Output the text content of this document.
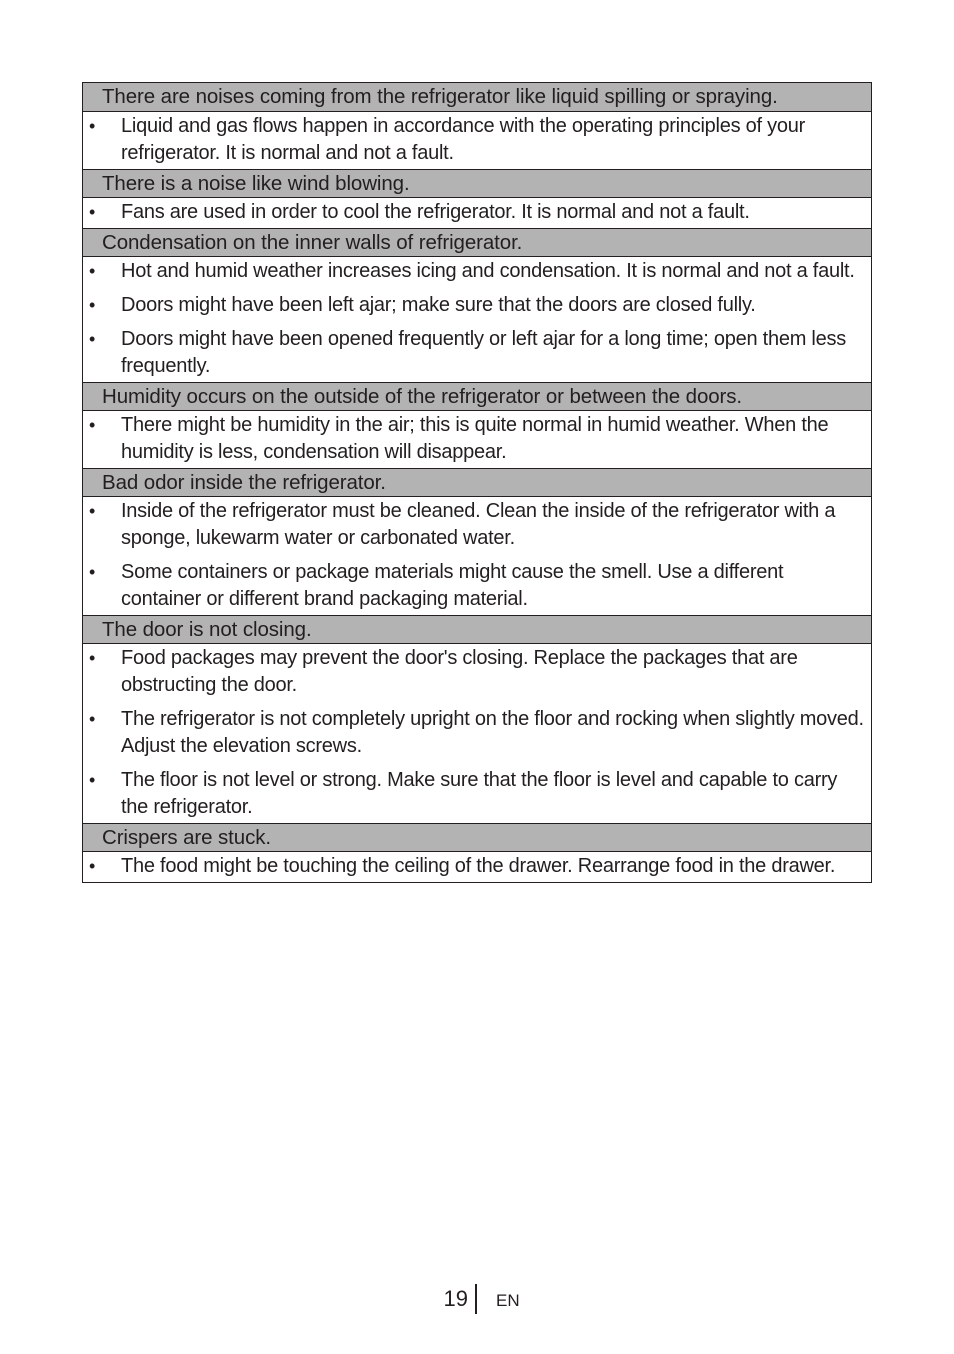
There are noises coming from the refrigerator like liquid spilling or spraying.
•	Liquid and gas flows happen in accordance with the operating principles of your refrigerator. It is normal and not a fault.
There is a noise like wind blowing.
•	Fans are used in order to cool the refrigerator. It is normal and not a fault.
Condensation on the inner walls of refrigerator.
•	Hot and humid weather increases icing and condensation. It is normal and not a fault.
•	Doors might have been left ajar; make sure that the doors are closed fully.
•	Doors might have been opened frequently or left ajar for a long time; open them less frequently.
Humidity occurs on the outside of the refrigerator or between the doors.
•	There might be humidity in the air; this is quite normal in humid weather. When the humidity is less, condensation will disappear.
Bad odor inside the refrigerator.
•	Inside of the refrigerator must be cleaned. Clean the inside of the refrigerator with a sponge, lukewarm water or carbonated water.
•	Some containers or package materials might cause the smell. Use a different container or different brand packaging material.
The door is not closing.
•	Food packages may prevent the door's closing. Replace the packages that are obstructing the door.
•	The refrigerator is not completely upright on the floor and rocking when slightly moved. Adjust the elevation screws.
•	The floor is not level or strong. Make sure that the floor is level and capable to carry the refrigerator.
Crispers are stuck.
•	The food might be touching the ceiling of the drawer. Rearrange food in the drawer.
19 EN
